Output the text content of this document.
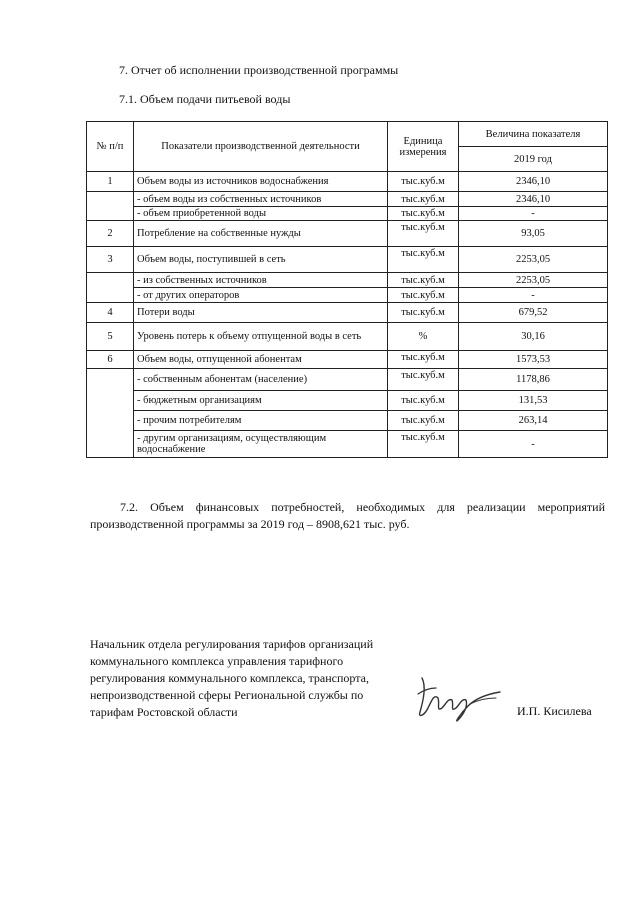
7. Отчет об исполнении производственной программы
7.1. Объем подачи питьевой воды
№ п/п	Показатели производственной деятельности	Единица измерения	Величина показателя
			2019 год
1	Объем воды из источников водоснабжения	тыс.куб.м	2346,10
	- объем воды из собственных источников	тыс.куб.м	2346,10
	- объем приобретенной воды	тыс.куб.м	-
2	Потребление на собственные нужды	тыс.куб.м	93,05
3	Объем воды, поступившей в сеть	тыс.куб.м	2253,05
	- из собственных источников	тыс.куб.м	2253,05
	- от других операторов	тыс.куб.м	-
4	Потери воды	тыс.куб.м	679,52
5	Уровень потерь к объему отпущенной воды в сеть	%	30,16
6	Объем воды, отпущенной абонентам	тыс.куб.м	1573,53
	- собственным абонентам (население)	тыс.куб.м	1178,86
	- бюджетным организациям	тыс.куб.м	131,53
	- прочим потребителям	тыс.куб.м	263,14
	- другим организациям, осуществляющим водоснабжение	тыс.куб.м	-
7.2. Объем финансовых потребностей, необходимых для реализации мероприятий производственной программы за 2019 год – 8908,621 тыс. руб.
Начальник отдела регулирования тарифов организаций
коммунального комплекса управления тарифного
регулирования коммунального комплекса, транспорта,
непроизводственной сферы Региональной службы по
тарифам Ростовской области	И.П. Кисилева
